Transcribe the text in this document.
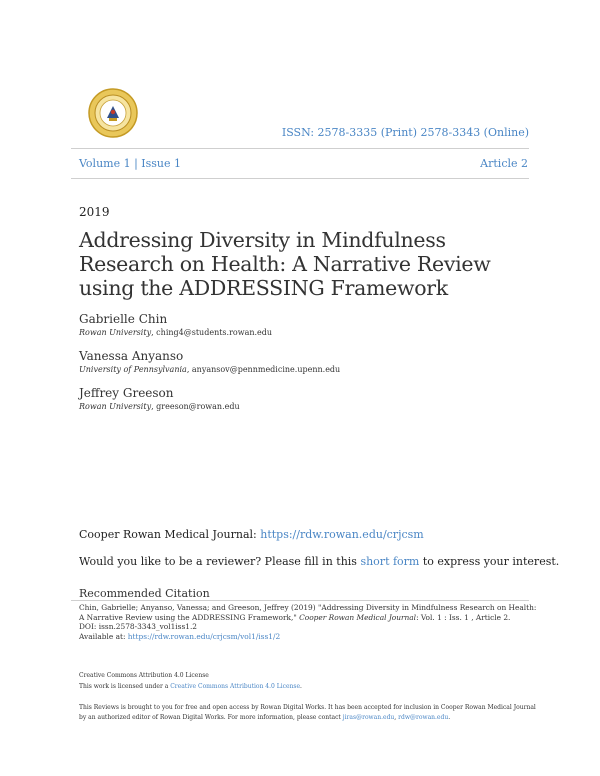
ISSN: 2578-3335 (Print) 2578-3343 (Online)
Volume 1 | Issue 1	Article 2
2019
Addressing Diversity in Mindfulness Research on Health: A Narrative Review using the ADDRESSING Framework
Gabrielle Chin
Rowan University, ching4@students.rowan.edu
Vanessa Anyanso
University of Pennsylvania, anyansov@pennmedicine.upenn.edu
Jeffrey Greeson
Rowan University, greeson@rowan.edu
Cooper Rowan Medical Journal: https://rdw.rowan.edu/crjcsm
Would you like to be a reviewer? Please fill in this short form to express your interest.
Recommended Citation
Chin, Gabrielle; Anyanso, Vanessa; and Greeson, Jeffrey (2019) "Addressing Diversity in Mindfulness Research on Health: A Narrative Review using the ADDRESSING Framework," Cooper Rowan Medical Journal: Vol. 1 : Iss. 1 , Article 2.
DOI: issn.2578-3343_vol1iss1.2
Available at: https://rdw.rowan.edu/crjcsm/vol1/iss1/2
Creative Commons Attribution 4.0 License
This work is licensed under a Creative Commons Attribution 4.0 License.
This Reviews is brought to you for free and open access by Rowan Digital Works. It has been accepted for inclusion in Cooper Rowan Medical Journal
by an authorized editor of Rowan Digital Works. For more information, please contact jiras@rowan.edu, rdw@rowan.edu.
